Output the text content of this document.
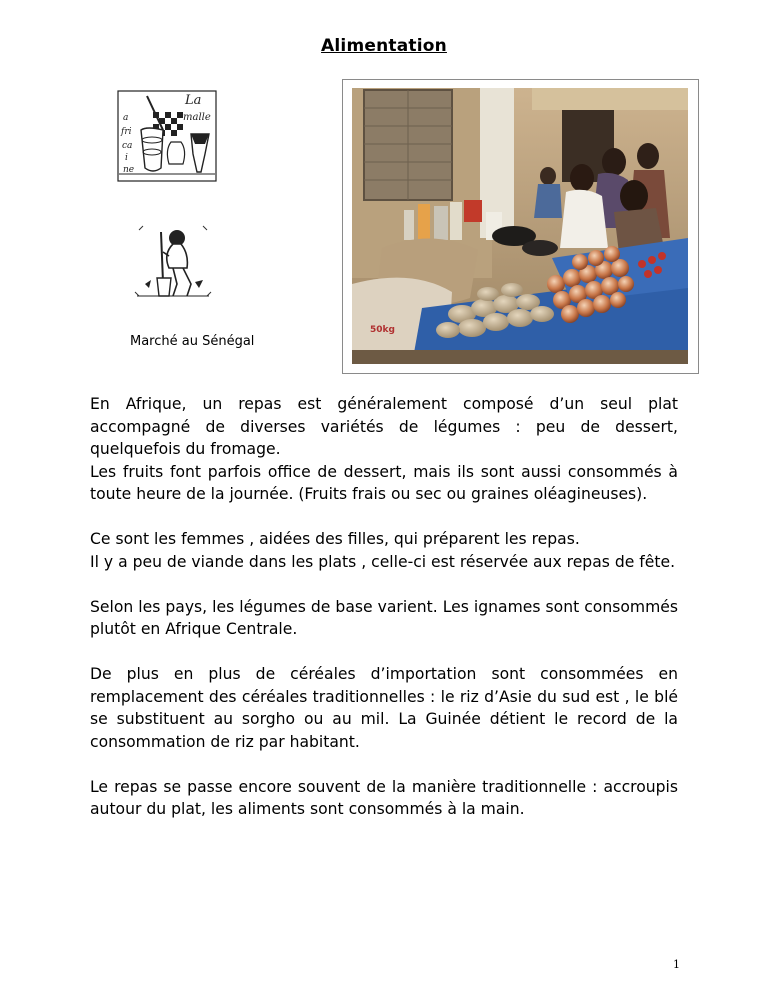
Alimentation
La
malle
a
fri
ca
i
ne
Marché au Sénégal
50kg

En Afrique, un repas est généralement composé d’un seul plat accompagné de diverses variétés de légumes : peu de dessert, quelquefois du fromage.
Les fruits font parfois office de dessert, mais ils sont aussi consommés à toute heure de la journée. (Fruits frais ou sec ou graines oléagineuses).

Ce sont les femmes , aidées des filles, qui préparent les repas.
Il y a peu de viande dans les plats , celle-ci est réservée aux repas de fête.

Selon les pays, les légumes de base varient. Les ignames sont consommés plutôt en Afrique Centrale.

De plus en plus de céréales d’importation sont consommées en remplacement des céréales traditionnelles : le riz d’Asie du sud est , le blé se substituent au sorgho ou au mil. La Guinée détient le record de la consommation de riz par habitant.

Le repas se passe encore souvent de la manière traditionnelle : accroupis autour du plat, les aliments sont consommés à la main.

1
